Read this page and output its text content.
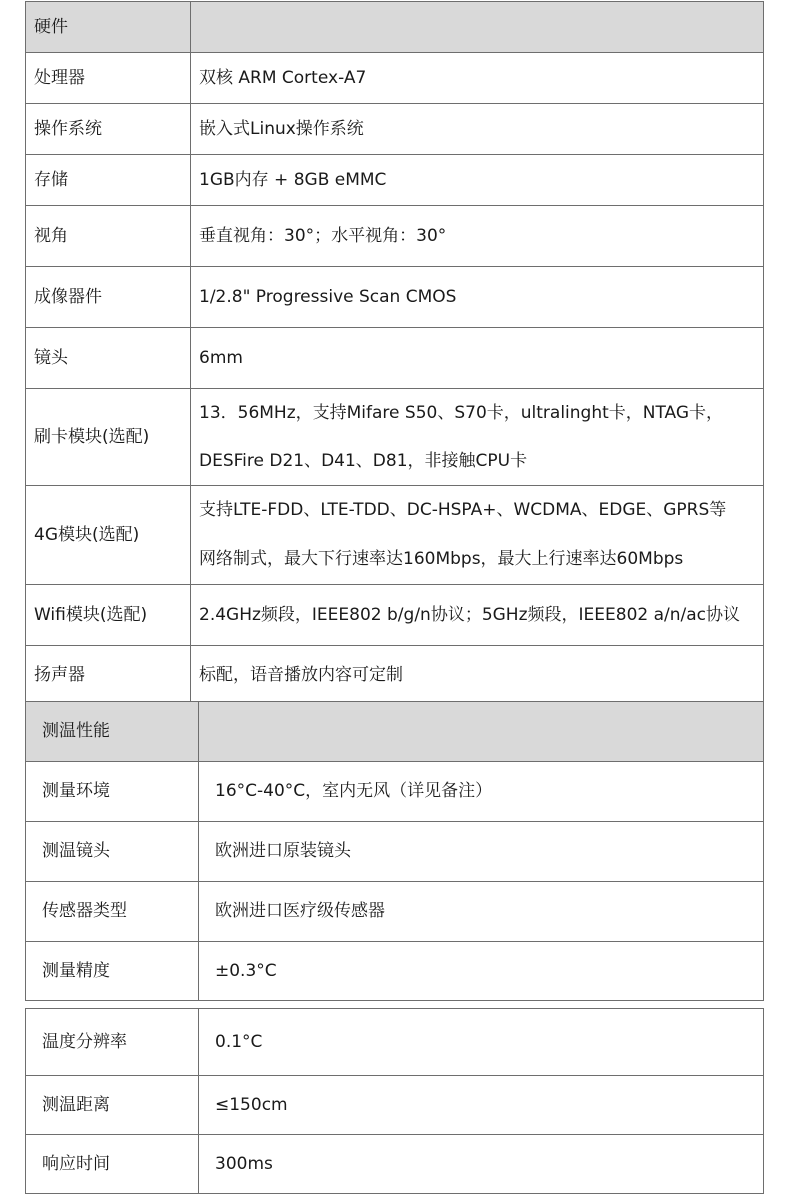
硬件	
处理器	双核 ARM Cortex-A7
操作系统	嵌入式Linux操作系统
存储	1GB内存 + 8GB eMMC
视角	垂直视角：30°；水平视角：30°
成像器件	1/2.8" Progressive Scan CMOS
镜头	6mm
刷卡模块(选配)	13．56MHz，支持Mifare S50、S70卡，ultralinght卡，NTAG卡，
DESFire D21、D41、D81，非接触CPU卡

4G模块(选配)	支持LTE-FDD、LTE-TDD、DC-HSPA+、WCDMA、EDGE、GPRS等
网络制式，最大下行速率达160Mbps，最大上行速率达60Mbps

Wifi模块(选配)	2.4GHz频段，IEEE802 b/g/n协议；5GHz频段，IEEE802 a/n/ac协议
扬声器	标配，语音播放内容可定制
测温性能	
测量环境	16°C-40°C，室内无风（详见备注）
测温镜头	欧洲进口原装镜头
传感器类型	欧洲进口医疗级传感器
测量精度	±0.3°C
温度分辨率	0.1°C
测温距离	≤150cm
响应时间	300ms
